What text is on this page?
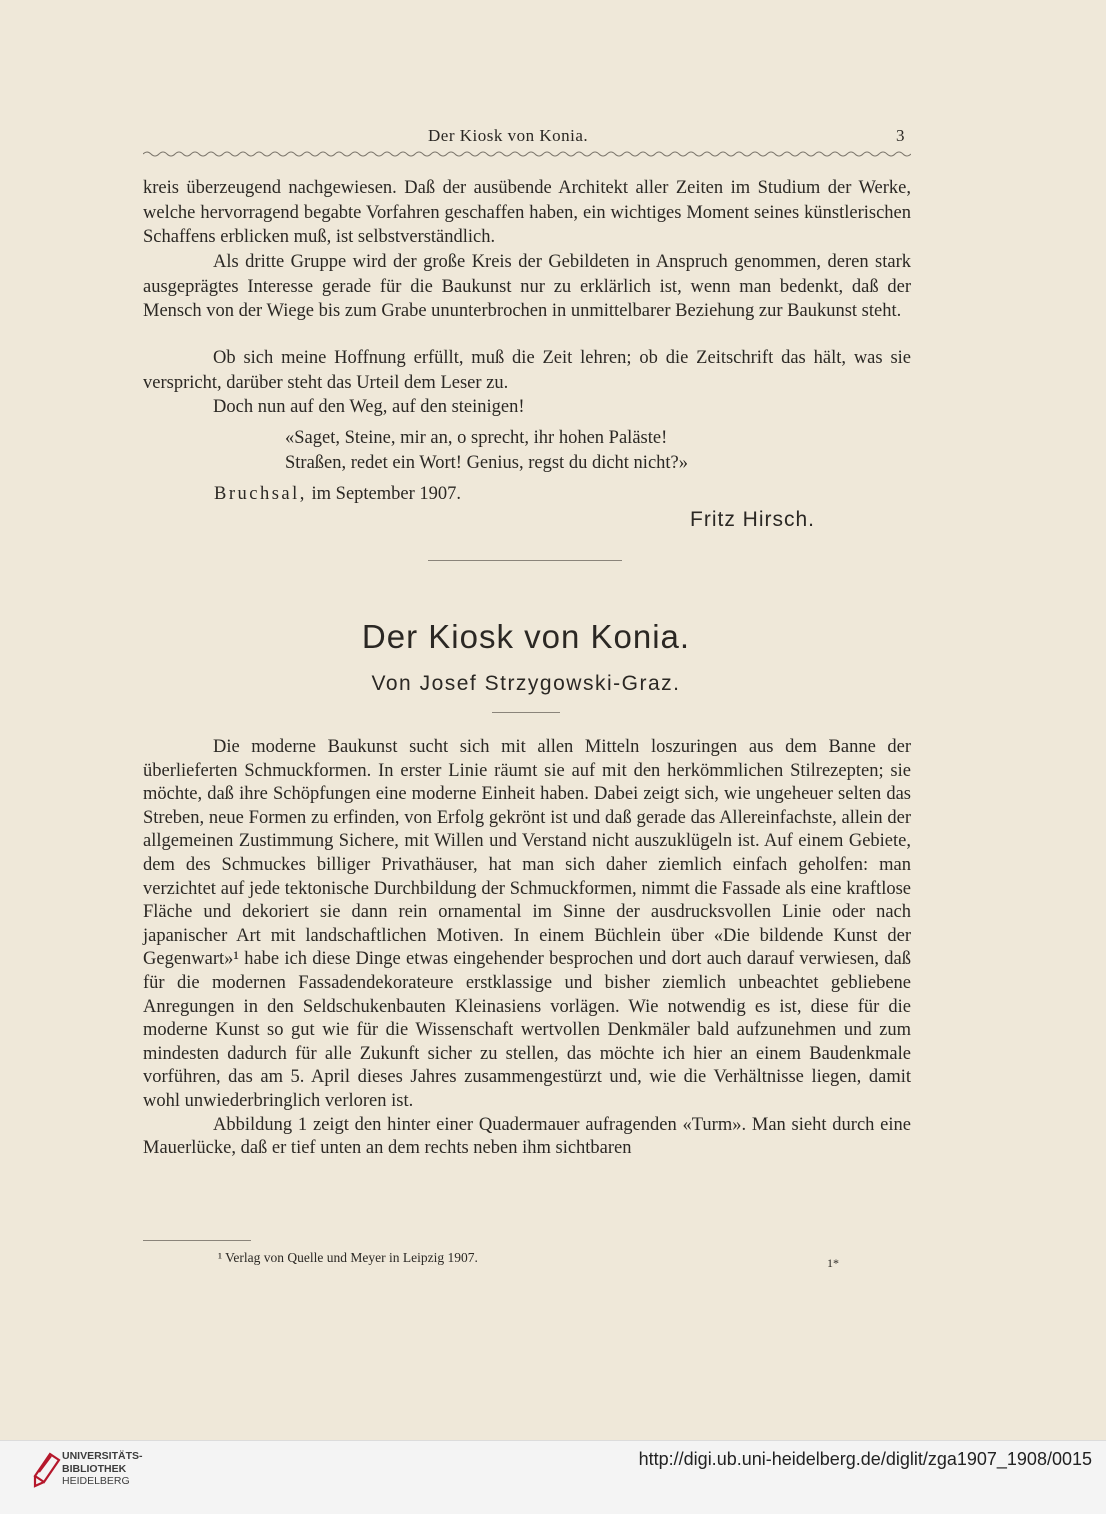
Der Kiosk von Konia.	3
kreis überzeugend nachgewiesen. Daß der ausübende Architekt aller Zeiten im Studium der Werke, welche hervorragend begabte Vorfahren geschaffen haben, ein wichtiges Moment seines künstlerischen Schaffens erblicken muß, ist selbstverständlich.
Als dritte Gruppe wird der große Kreis der Gebildeten in Anspruch genommen, deren stark ausgeprägtes Interesse gerade für die Baukunst nur zu erklärlich ist, wenn man bedenkt, daß der Mensch von der Wiege bis zum Grabe ununterbrochen in unmittelbarer Beziehung zur Baukunst steht.
Ob sich meine Hoffnung erfüllt, muß die Zeit lehren; ob die Zeitschrift das hält, was sie verspricht, darüber steht das Urteil dem Leser zu.
Doch nun auf den Weg, auf den steinigen!
«Saget, Steine, mir an, o sprecht, ihr hohen Paläste!
Straßen, redet ein Wort! Genius, regst du dicht nicht?»
Bruchsal, im September 1907.
Fritz Hirsch.
Der Kiosk von Konia.
Von Josef Strzygowski-Graz.

Die moderne Baukunst sucht sich mit allen Mitteln loszuringen aus dem Banne der überlieferten Schmuckformen. In erster Linie räumt sie auf mit den herkömmlichen Stilrezepten; sie möchte, daß ihre Schöpfungen eine moderne Einheit haben. Dabei zeigt sich, wie ungeheuer selten das Streben, neue Formen zu erfinden, von Erfolg gekrönt ist und daß gerade das Allereinfachste, allein der allgemeinen Zustimmung Sichere, mit Willen und Verstand nicht auszuklügeln ist. Auf einem Gebiete, dem des Schmuckes billiger Privathäuser, hat man sich daher ziemlich einfach geholfen: man verzichtet auf jede tektonische Durchbildung der Schmuckformen, nimmt die Fassade als eine kraftlose Fläche und dekoriert sie dann rein ornamental im Sinne der ausdrucksvollen Linie oder nach japanischer Art mit landschaftlichen Motiven. In einem Büchlein über «Die bildende Kunst der Gegenwart»¹ habe ich diese Dinge etwas eingehender besprochen und dort auch darauf verwiesen, daß für die modernen Fassadendekorateure erstklassige und bisher ziemlich unbeachtet gebliebene Anregungen in den Seldschukenbauten Kleinasiens vorlägen. Wie notwendig es ist, diese für die moderne Kunst so gut wie für die Wissenschaft wertvollen Denkmäler bald aufzunehmen und zum mindesten dadurch für alle Zukunft sicher zu stellen, das möchte ich hier an einem Baudenkmale vorführen, das am 5. April dieses Jahres zusammengestürzt und, wie die Verhältnisse liegen, damit wohl unwiederbringlich verloren ist.

Abbildung 1 zeigt den hinter einer Quadermauer aufragenden «Turm». Man sieht durch eine Mauerlücke, daß er tief unten an dem rechts neben ihm sichtbaren

¹ Verlag von Quelle und Meyer in Leipzig 1907.	1*
UNIVERSITÄTS-
BIBLIOTHEK
HEIDELBERG
http://digi.ub.uni-heidelberg.de/diglit/zga1907_1908/0015
